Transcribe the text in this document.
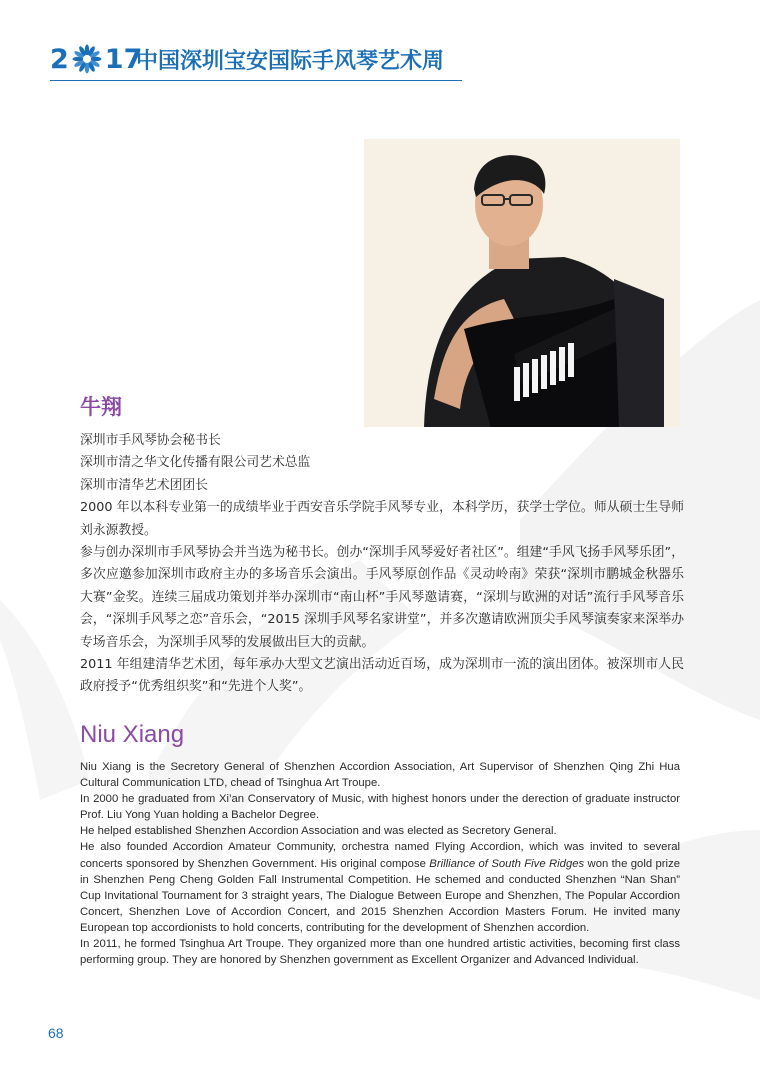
2 17
中国深圳宝安国际手风琴艺术周
牛翔

深圳市手风琴协会秘书长

深圳市清之华文化传播有限公司艺术总监

深圳市清华艺术团团长

2000 年以本科专业第一的成绩毕业于西安音乐学院手风琴专业，本科学历，获学士学位。师从硕士生导师刘永源教授。

参与创办深圳市手风琴协会并当选为秘书长。创办“深圳手风琴爱好者社区”。组建“手风飞扬手风琴乐团”，多次应邀参加深圳市政府主办的多场音乐会演出。手风琴原创作品《灵动岭南》荣获“深圳市鹏城金秋器乐大赛”金奖。连续三届成功策划并举办深圳市“南山杯”手风琴邀请赛，“深圳与欧洲的对话”流行手风琴音乐会，“深圳手风琴之恋”音乐会，“2015 深圳手风琴名家讲堂”，并多次邀请欧洲顶尖手风琴演奏家来深举办专场音乐会，为深圳手风琴的发展做出巨大的贡献。

2011 年组建清华艺术团，每年承办大型文艺演出活动近百场，成为深圳市一流的演出团体。被深圳市人民政府授予“优秀组织奖”和“先进个人奖”。

Niu Xiang

Niu Xiang is the Secretory General of Shenzhen Accordion Association, Art Supervisor of Shenzhen Qing Zhi Hua Cultural Communication LTD, chead of Tsinghua Art Troupe.

In 2000 he graduated from Xi’an Conservatory of Music, with highest honors under the derection of graduate instructor Prof. Liu Yong Yuan holding a Bachelor Degree.

He helped established Shenzhen Accordion Association and was elected as Secretory General.

He also founded Accordion Amateur Community, orchestra named Flying Accordion, which was invited to several concerts sponsored by Shenzhen Government. His original compose Brilliance of South Five Ridges won the gold prize in Shenzhen Peng Cheng Golden Fall Instrumental Competition. He schemed and conducted Shenzhen “Nan Shan” Cup Invitational Tournament for 3 straight years, The Dialogue Between Europe and Shenzhen, The Popular Accordion Concert, Shenzhen Love of Accordion Concert, and 2015 Shenzhen Accordion Masters Forum. He invited many European top accordionists to hold concerts, contributing for the development of Shenzhen accordion.

In 2011, he formed Tsinghua Art Troupe. They organized more than one hundred artistic activities, becoming first class performing group. They are honored by Shenzhen government as Excellent Organizer and Advanced Individual.

68
